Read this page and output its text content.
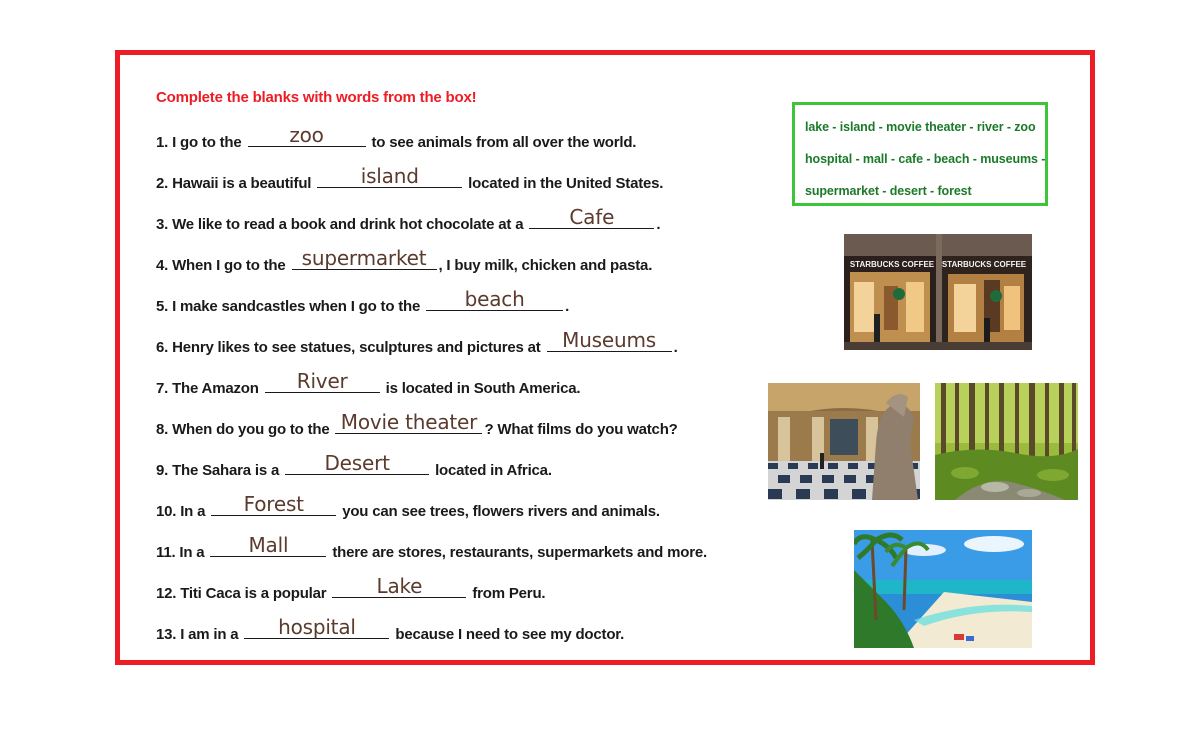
Complete the blanks with words from the box!
1. I go to the	zoo	to see animals from all over the world.
2. Hawaii is a beautiful	island	located in the United States.
3. We like to read a book and drink hot chocolate at a	Cafe	.
4. When I go to the supermarket , I buy milk, chicken and pasta.
5. I make sandcastles when I go to the	beach	.
6. Henry likes to see statues, sculptures and pictures at Museums	.
7. The Amazon	River	is located in South America.
8. When do you go to the Movie theater ? What films do you watch?
9. The Sahara is a	Desert	located in Africa.
10. In a	Forest	you can see trees, flowers rivers and animals.
11. In a	Mall	there are stores, restaurants, supermarkets and more.
12. Titi Caca is a popular	Lake	from Peru.
13. I am in a	hospital	because I need to see my doctor.
lake - island - movie theater - river - zoo
hospital - mall - cafe - beach - museums -
supermarket - desert - forest
STARBUCKS COFFEE STARBUCKS COFFEE
